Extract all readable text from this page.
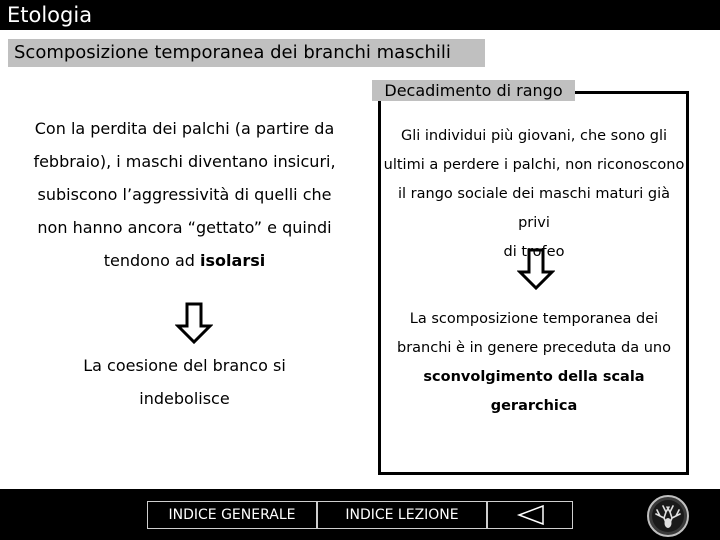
Etologia
Scomposizione temporanea dei branchi maschili

Con la perdita dei palchi (a partire da

febbraio), i maschi diventano insicuri,

subiscono l’aggressività di quelli che

non hanno ancora “gettato” e quindi

tendono ad isolarsi

La coesione del branco si

indebolisce

Decadimento di rango

Gli individui più giovani, che sono gli

ultimi a perdere i palchi, non riconoscono

il rango sociale dei maschi maturi già privi

di trofeo

La scomposizione temporanea dei

branchi è in genere preceduta da uno

sconvolgimento della scala gerarchica

INDICE GENERALE	INDICE LEZIONE
